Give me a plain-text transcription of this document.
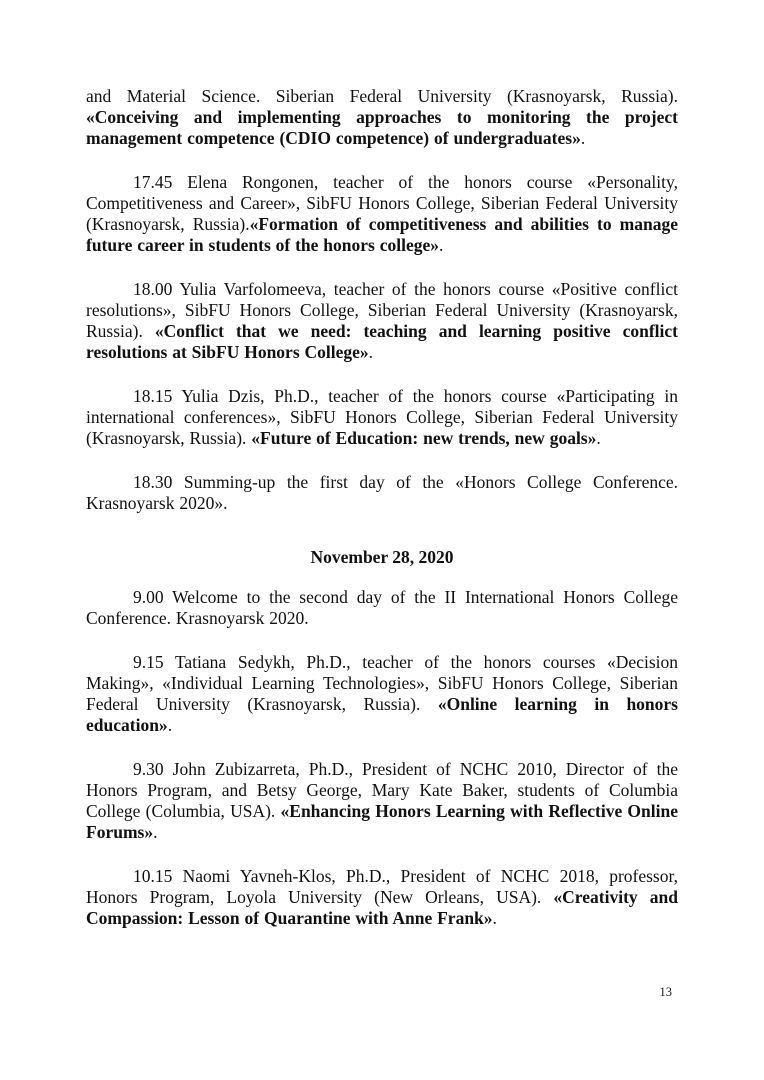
and Material Science. Siberian Federal University (Krasnoyarsk, Russia). «Conceiving and implementing approaches to monitoring the project management competence (CDIO competence) of undergraduates».

17.45 Elena Rongonen, teacher of the honors course «Personality, Competitiveness and Career», SibFU Honors College, Siberian Federal University (Krasnoyarsk, Russia).«Formation of competitiveness and abilities to manage future career in students of the honors college».

18.00 Yulia Varfolomeeva, teacher of the honors course «Positive conflict resolutions», SibFU Honors College, Siberian Federal University (Krasnoyarsk, Russia). «Conflict that we need: teaching and learning positive conflict resolutions at SibFU Honors College».

18.15 Yulia Dzis, Ph.D., teacher of the honors course «Participating in international conferences», SibFU Honors College, Siberian Federal University (Krasnoyarsk, Russia). «Future of Education: new trends, new goals».

18.30 Summing-up the first day of the «Honors College Conference. Krasnoyarsk 2020».

November 28, 2020

9.00 Welcome to the second day of the II International Honors College Conference. Krasnoyarsk 2020.

9.15 Tatiana Sedykh, Ph.D., teacher of the honors courses «Decision Making», «Individual Learning Technologies», SibFU Honors College, Siberian Federal University (Krasnoyarsk, Russia). «Online learning in honors education».

9.30 John Zubizarreta, Ph.D., President of NCHC 2010, Director of the Honors Program, and Betsy George, Mary Kate Baker, students of Columbia College (Columbia, USA). «Enhancing Honors Learning with Reflective Online Forums».

10.15 Naomi Yavneh-Klos, Ph.D., President of NCHC 2018, professor, Honors Program, Loyola University (New Orleans, USA). «Creativity and Compassion: Lesson of Quarantine with Anne Frank».

13
